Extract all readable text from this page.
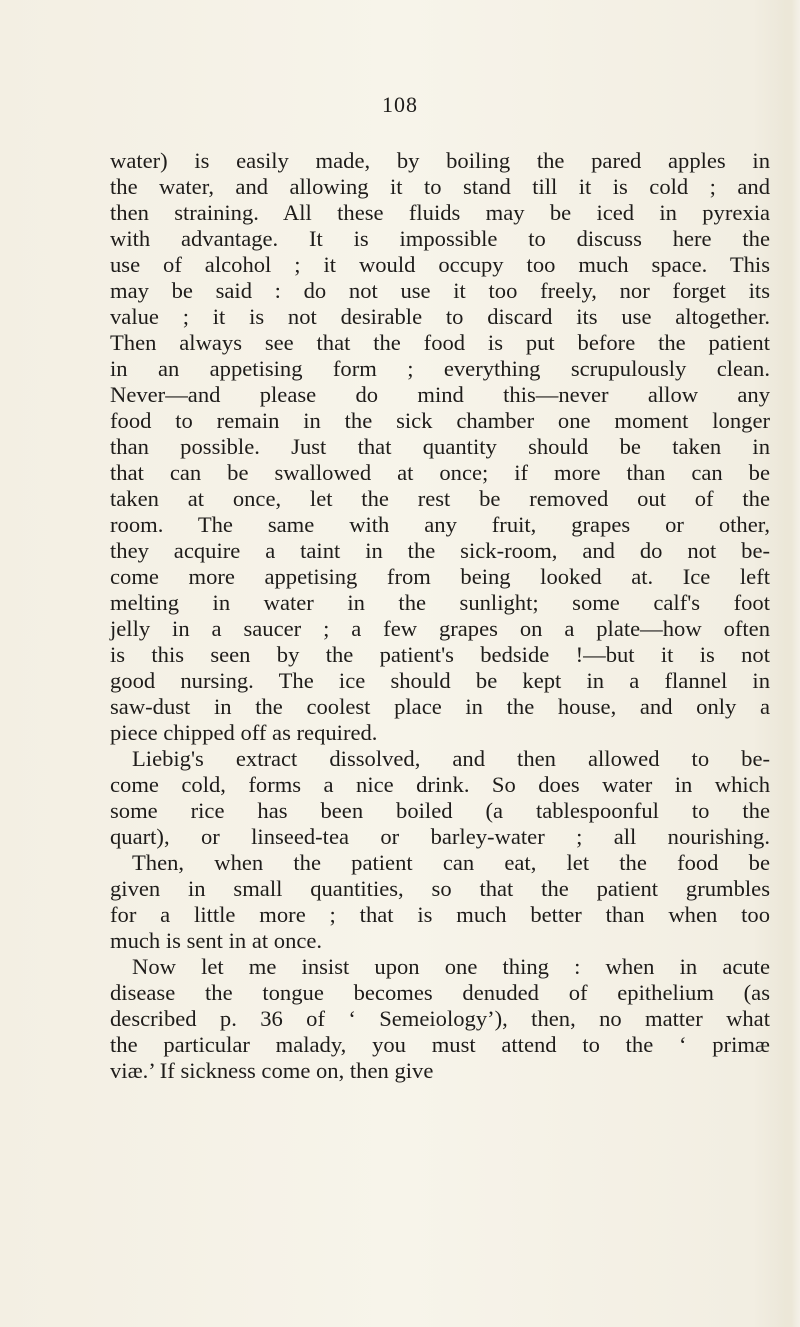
108
water) is easily made, by boiling the pared apples in
the water, and allowing it to stand till it is cold ; and
then straining. All these fluids may be iced in pyrexia
with advantage. It is impossible to discuss here the
use of alcohol ; it would occupy too much space. This
may be said : do not use it too freely, nor forget its
value ; it is not desirable to discard its use altogether.
Then always see that the food is put before the patient
in an appetising form ; everything scrupulously clean.
Never—and please do mind this—never allow any
food to remain in the sick chamber one moment longer
than possible. Just that quantity should be taken in
that can be swallowed at once; if more than can be
taken at once, let the rest be removed out of the
room. The same with any fruit, grapes or other,
they acquire a taint in the sick-room, and do not be-
come more appetising from being looked at. Ice left
melting in water in the sunlight; some calf's foot
jelly in a saucer ; a few grapes on a plate—how often
is this seen by the patient's bedside !—but it is not
good nursing. The ice should be kept in a flannel in
saw-dust in the coolest place in the house, and only a
piece chipped off as required.
Liebig's extract dissolved, and then allowed to be-
come cold, forms a nice drink. So does water in which
some rice has been boiled (a tablespoonful to the
quart), or linseed-tea or barley-water ; all nourishing.
Then, when the patient can eat, let the food be
given in small quantities, so that the patient grumbles
for a little more ; that is much better than when too
much is sent in at once.
Now let me insist upon one thing : when in acute
disease the tongue becomes denuded of epithelium (as
described p. 36 of ‘ Semeiology’), then, no matter what
the particular malady, you must attend to the ‘ primæ
viæ.’ If sickness come on, then give
